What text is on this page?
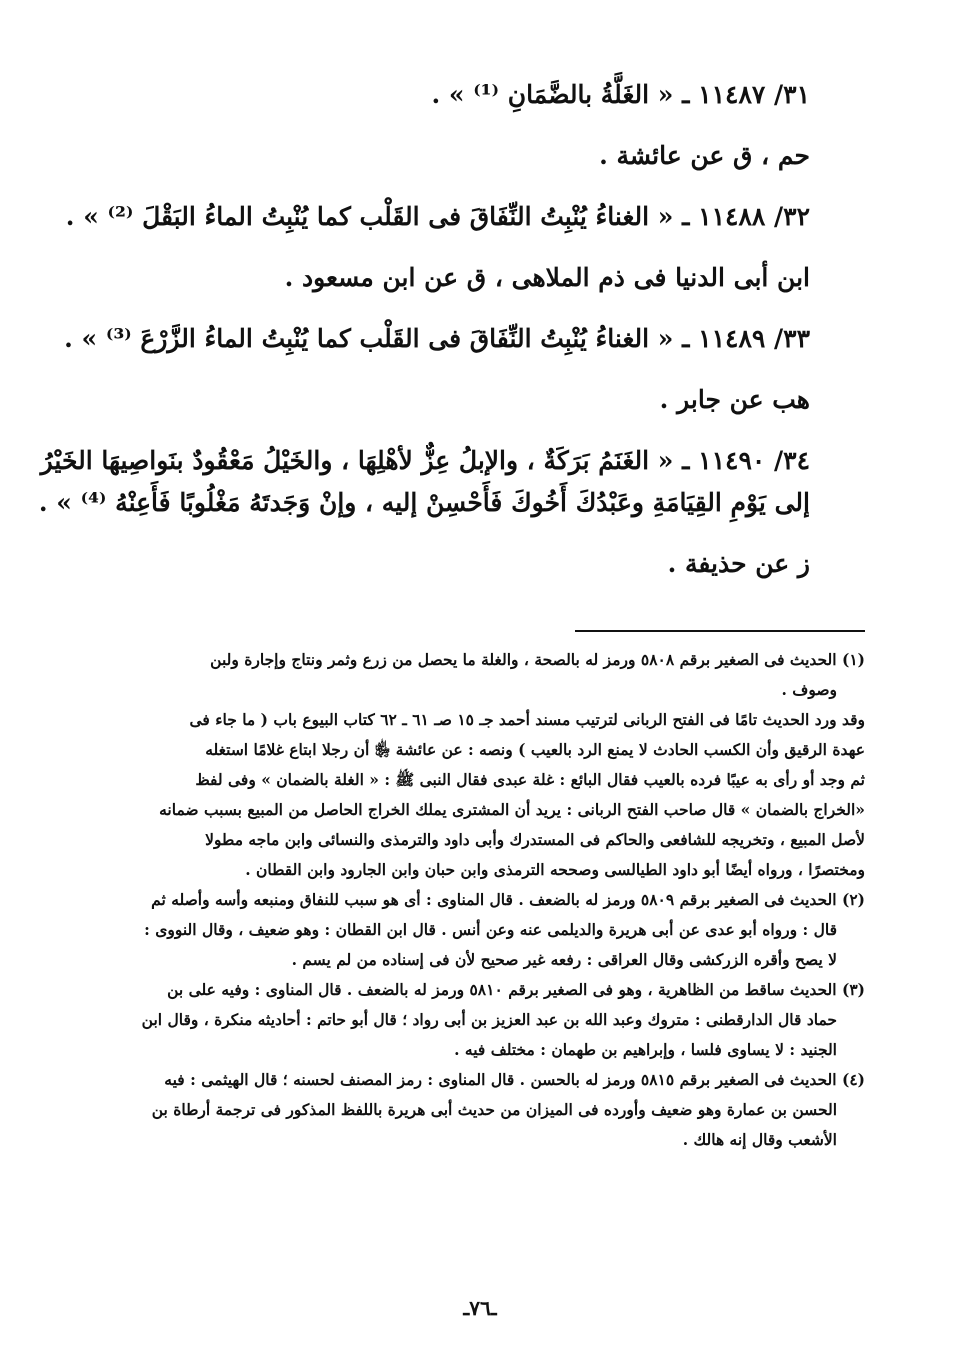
٣١/ ١١٤٨٧ ـ « الغَلَّةُ بالضَّمَانِ ⁽¹⁾ » .

حم ، ق عن عائشة .

٣٢/ ١١٤٨٨ ـ « الغناءُ يُنْبِتُ النِّفَاقَ فى القَلْب كما يُنْبِتُ الماءُ البَقْلَ ⁽²⁾ » .

ابن أبى الدنيا فى ذم الملاهى ، ق عن ابن مسعود .

٣٣/ ١١٤٨٩ ـ « الغناءُ يُنْبِتُ النِّفَاقَ فى القَلْب كما يُنْبِتُ الماءُ الزَّرْعَ ⁽³⁾ » .

هب عن جابر .

٣٤/ ١١٤٩٠ ـ « الغَنَمُ بَرَكَةٌ ، والإبلُ عِزٌّ لأهْلِهَا ، والخَيْلُ مَعْقُودٌ بنَواصِيهَا الخَيْرُ

إلى يَوْمِ القِيَامَةِ وعَبْدُكَ أَخُوكَ فَأَحْسِنْ إليه ، وإنْ وَجَدتَهُ مَغْلُوبًا فَأَعِنْهُ ⁽⁴⁾ » .

ز عن حذيفة .

(١) الحديث فى الصغير برقم ٥٨٠٨ ورمز له بالصحة ، والغلة ما يحصل من زرع وثمر ونتاج وإجارة ولبن

وصوف .

وقد ورد الحديث تامًا فى الفتح الربانى لترتيب مسند أحمد جـ ١٥ صـ ٦١ ـ ٦٢ كتاب البيوع باب ( ما جاء فى

عهدة الرقيق وأن الكسب الحادث لا يمنع الرد بالعيب ) ونصه : عن عائشة ﵂ أن رجلا ابتاع غلامًا استغله

ثم وجد أو رأى به عيبًا فرده بالعيب فقال البائع : غلة عبدى فقال النبى ﷺ : « الغلة بالضمان » وفى لفظ

«الخراج بالضمان » قال صاحب الفتح الربانى : يريد أن المشترى يملك الخراج الحاصل من المبيع بسبب ضمانه

لأصل المبيع ، وتخريجه للشافعى والحاكم فى المستدرك وأبى داود والترمذى والنسائى وابن ماجه مطولا

ومختصرًا ، ورواه أيضًا أبو داود الطيالسى وصححه الترمذى وابن حبان وابن الجارود وابن القطان .

(٢) الحديث فى الصغير برقم ٥٨٠٩ ورمز له بالضعف . قال المناوى : أى هو سبب للنفاق ومنبعه وأسه وأصله ثم

قال : ورواه أبو عدى عن أبى هريرة والديلمى عنه وعن أنس . قال ابن القطان : وهو ضعيف ، وقال النووى :

لا يصح وأقره الزركشى وقال العراقى : رفعه غير صحيح لأن فى إسناده من لم يسم .

(٣) الحديث ساقط من الظاهرية ، وهو فى الصغير برقم ٥٨١٠ ورمز له بالضعف . قال المناوى : وفيه على بن

حماد قال الدارقطنى : متروك وعبد الله بن عبد العزيز بن أبى رواد ؛ قال أبو حاتم : أحاديثه منكرة ، وقال ابن

الجنيد : لا يساوى فلسا ، وإبراهيم بن طهمان : مختلف فيه .

(٤) الحديث فى الصغير برقم ٥٨١٥ ورمز له بالحسن . قال المناوى : رمز المصنف لحسنه ؛ قال الهيثمى : فيه

الحسن بن عمارة وهو ضعيف وأورده فى الميزان من حديث أبى هريرة باللفظ المذكور فى ترجمة أرطاة بن

الأشعب وقال إنه هالك .

ـ٧٦ـ
